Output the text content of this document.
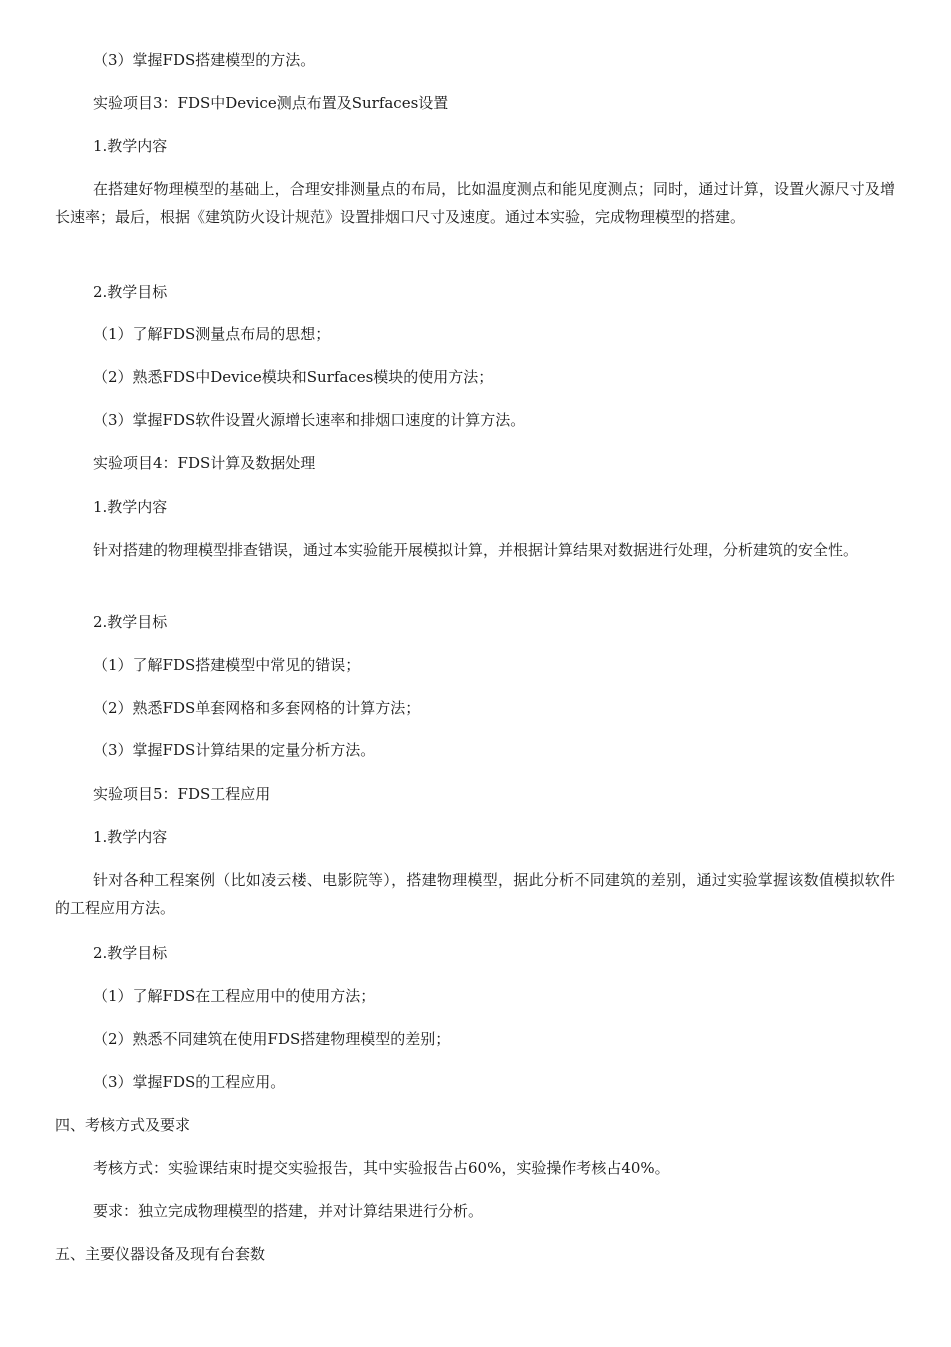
（3）掌握FDS搭建模型的方法。

实验项目3：FDS中Device测点布置及Surfaces设置

1.教学内容

在搭建好物理模型的基础上，合理安排测量点的布局，比如温度测点和能见度测点；同时，通过计算，设置火源尺寸及增长速率；最后，根据《建筑防火设计规范》设置排烟口尺寸及速度。通过本实验，完成物理模型的搭建。

2.教学目标

（1）了解FDS测量点布局的思想；

（2）熟悉FDS中Device模块和Surfaces模块的使用方法；

（3）掌握FDS软件设置火源增长速率和排烟口速度的计算方法。

实验项目4：FDS计算及数据处理

1.教学内容

针对搭建的物理模型排查错误，通过本实验能开展模拟计算，并根据计算结果对数据进行处理，分析建筑的安全性。

2.教学目标

（1）了解FDS搭建模型中常见的错误；

（2）熟悉FDS单套网格和多套网格的计算方法；

（3）掌握FDS计算结果的定量分析方法。

实验项目5：FDS工程应用

1.教学内容

针对各种工程案例（比如凌云楼、电影院等），搭建物理模型，据此分析不同建筑的差别，通过实验掌握该数值模拟软件的工程应用方法。

2.教学目标

（1）了解FDS在工程应用中的使用方法；

（2）熟悉不同建筑在使用FDS搭建物理模型的差别；

（3）掌握FDS的工程应用。

四、考核方式及要求

考核方式：实验课结束时提交实验报告，其中实验报告占60%，实验操作考核占40%。

要求：独立完成物理模型的搭建，并对计算结果进行分析。

五、主要仪器设备及现有台套数
